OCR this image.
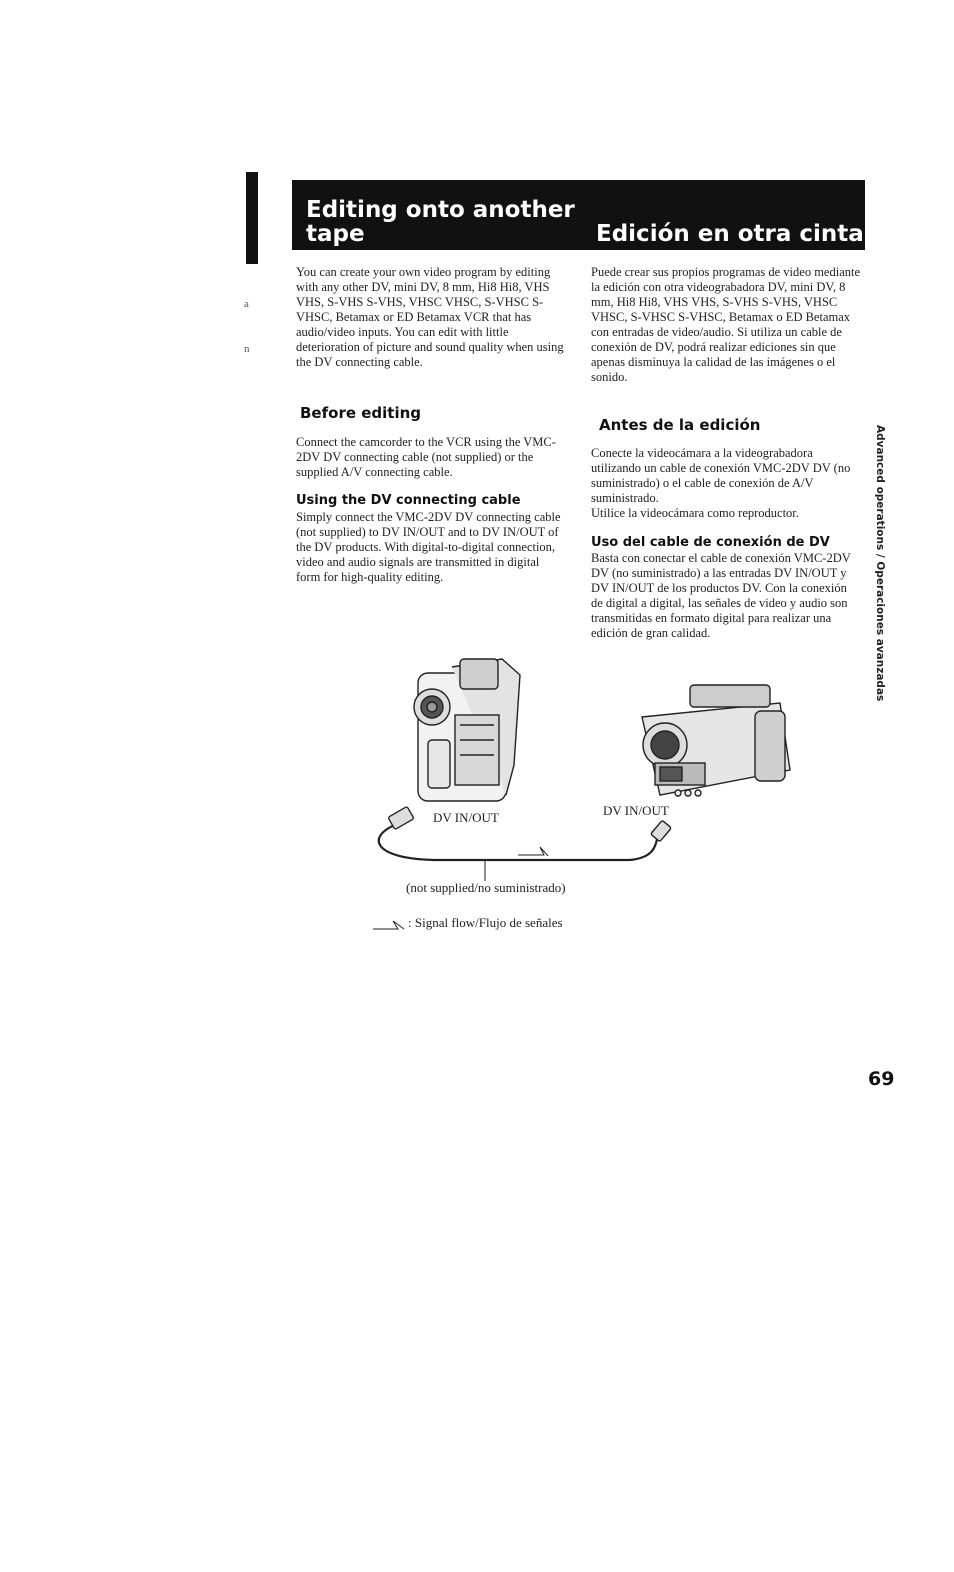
Editing onto another tape	Edición en otra cinta
a
n
You can create your own video program by editing with any other DV, mini DV, 8 mm, Hi8 Hi8, VHS VHS, S-VHS S-VHS, VHSC VHSC, S-VHSC S-VHSC, Betamax or ED Betamax VCR that has audio/video inputs. You can edit with little deterioration of picture and sound quality when using the DV connecting cable.
Before editing
Connect the camcorder to the VCR using the VMC-2DV DV connecting cable (not supplied) or the supplied A/V connecting cable.
Using the DV connecting cable
Simply connect the VMC-2DV DV connecting cable (not supplied) to DV IN/OUT and to DV IN/OUT of the DV products. With digital-to-digital connection, video and audio signals are transmitted in digital form for high-quality editing.
Puede crear sus propios programas de video mediante la edición con otra videograbadora DV, mini DV, 8 mm, Hi8 Hi8, VHS VHS, S-VHS S-VHS, VHSC VHSC, S-VHSC S-VHSC, Betamax o ED Betamax con entradas de video/audio. Si utiliza un cable de conexión de DV, podrá realizar ediciones sin que apenas disminuya la calidad de las imágenes o el sonido.
Antes de la edición
Conecte la videocámara a la videograbadora utilizando un cable de conexión VMC-2DV DV (no suministrado) o el cable de conexión de A/V suministrado.
Utilice la videocámara como reproductor.
Uso del cable de conexión de DV
Basta con conectar el cable de conexión VMC-2DV DV (no suministrado) a las entradas DV IN/OUT y DV IN/OUT de los productos DV. Con la conexión de digital a digital, las señales de video y audio son transmitidas en formato digital para realizar una edición de gran calidad.	Advanced operations / Operaciones avanzadas
DV IN/OUT	DV IN/OUT
(not supplied/no suministrado)
: Signal flow/Flujo de señales
69
